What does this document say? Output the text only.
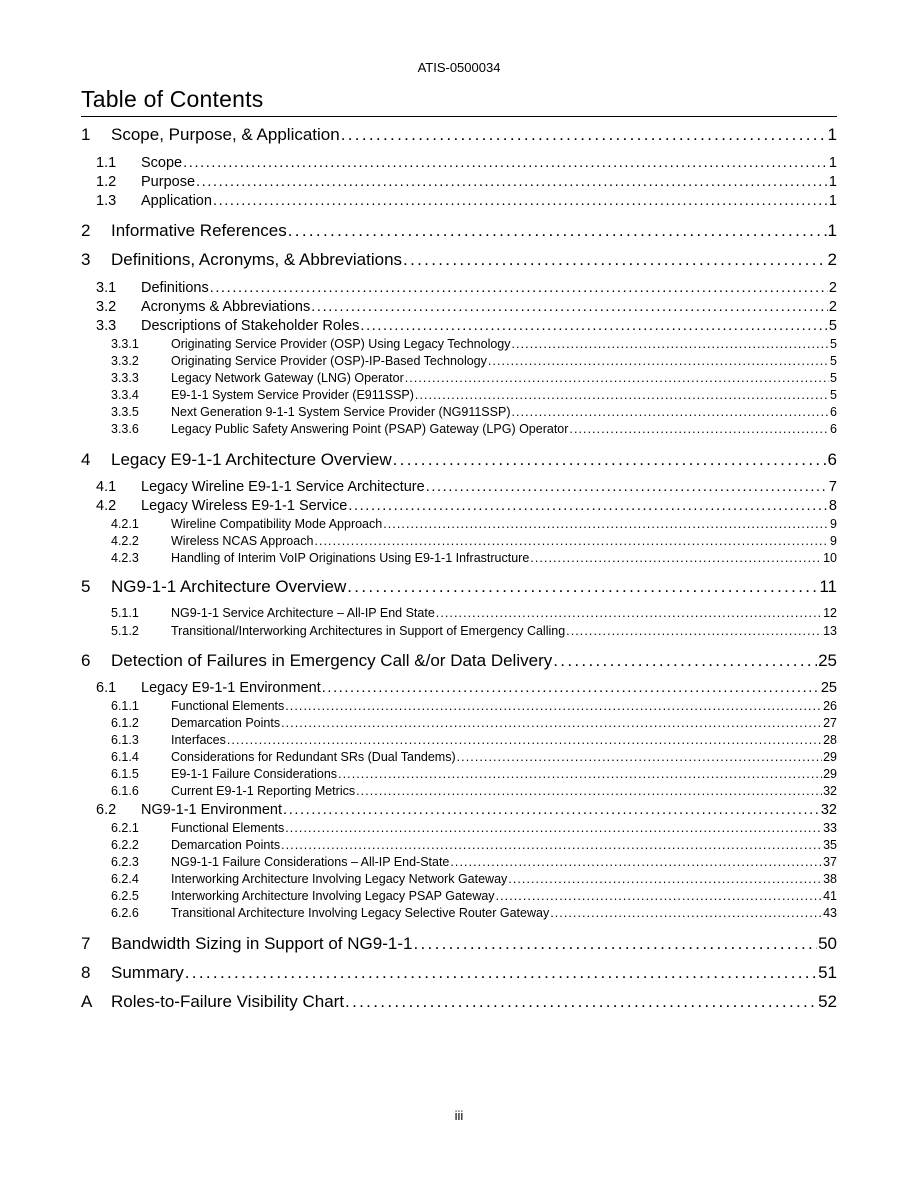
ATIS-0500034
Table of Contents
1	Scope, Purpose, & Application . . .	1
1.1	Scope . . .	1
1.2	Purpose . . .	1
1.3	Application . . .	1
2	Informative References . . .	1
3	Definitions, Acronyms, & Abbreviations . . .	2
3.1	Definitions . . .	2
3.2	Acronyms & Abbreviations . . .	2
3.3	Descriptions of Stakeholder Roles . . .	5
3.3.1	Originating Service Provider (OSP) Using Legacy Technology . . .	5
3.3.2	Originating Service Provider (OSP)-IP-Based Technology . . .	5
3.3.3	Legacy Network Gateway (LNG) Operator . . .	5
3.3.4	E9-1-1 System Service Provider (E911SSP) . . .	5
3.3.5	Next Generation 9-1-1 System Service Provider (NG911SSP) . . .	6
3.3.6	Legacy Public Safety Answering Point (PSAP) Gateway (LPG) Operator . . .	6
4	Legacy E9-1-1 Architecture Overview . . .	6
4.1	Legacy Wireline E9-1-1 Service Architecture . . .	7
4.2	Legacy Wireless E9-1-1 Service . . .	8
4.2.1	Wireline Compatibility Mode Approach . . .	9
4.2.2	Wireless NCAS Approach . . .	9
4.2.3	Handling of Interim VoIP Originations Using E9-1-1 Infrastructure . . .	10
5	NG9-1-1 Architecture Overview . . .	11
5.1.1	NG9-1-1 Service Architecture – All-IP End State . . .	12
5.1.2	Transitional/Interworking Architectures in Support of Emergency Calling . . .	13
6	Detection of Failures in Emergency Call &/or Data Delivery . . .	25
6.1	Legacy E9-1-1 Environment . . .	25
6.1.1	Functional Elements . . .	26
6.1.2	Demarcation Points . . .	27
6.1.3	Interfaces . . .	28
6.1.4	Considerations for Redundant SRs (Dual Tandems) . . .	29
6.1.5	E9-1-1 Failure Considerations . . .	29
6.1.6	Current E9-1-1 Reporting Metrics . . .	32
6.2	NG9-1-1 Environment . . .	32
6.2.1	Functional Elements . . .	33
6.2.2	Demarcation Points . . .	35
6.2.3	NG9-1-1 Failure Considerations – All-IP End-State . . .	37
6.2.4	Interworking Architecture Involving Legacy Network Gateway . . .	38
6.2.5	Interworking Architecture Involving Legacy PSAP Gateway . . .	41
6.2.6	Transitional Architecture Involving Legacy Selective Router Gateway . . .	43
7	Bandwidth Sizing in Support of NG9-1-1 . . .	50
8	Summary . . .	51
A	Roles-to-Failure Visibility Chart . . .	52
iii
